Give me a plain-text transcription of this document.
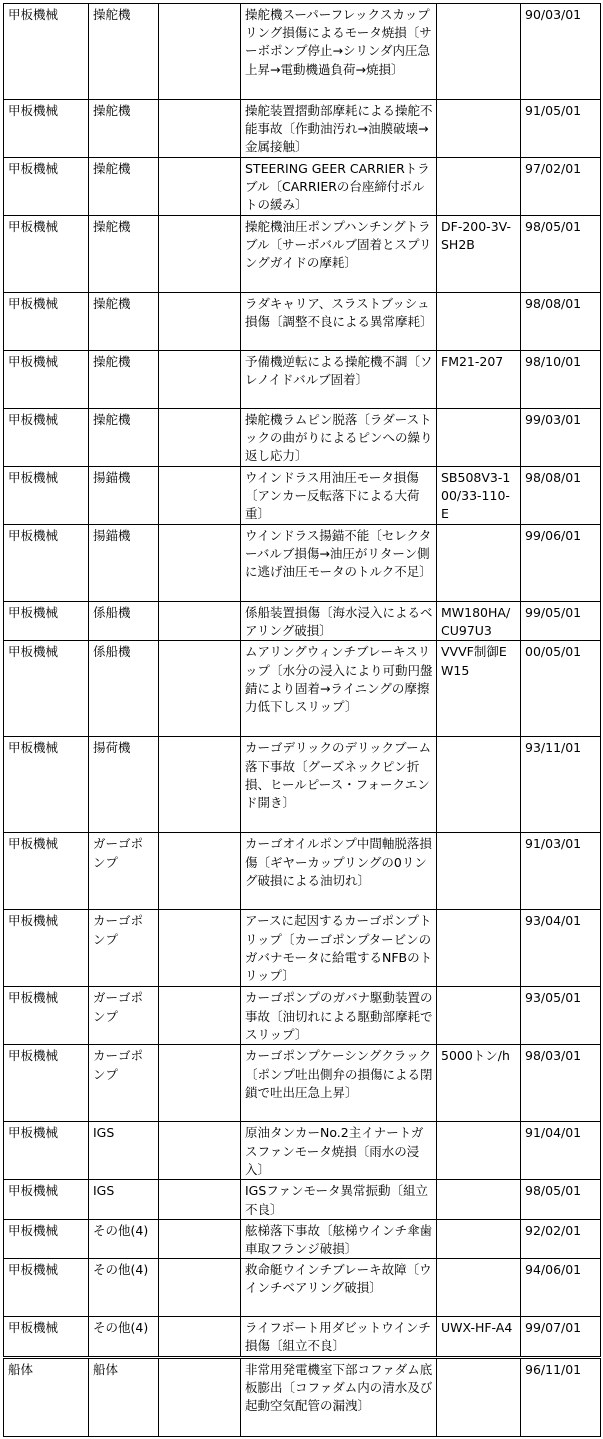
甲板機械	操舵機		操舵機スーパーフレックスカップリング損傷によるモータ焼損〔サーボポンプ停止→シリンダ内圧急上昇→電動機過負荷→焼損〕		90/03/01
甲板機械	操舵機		操舵装置摺動部摩耗による操舵不能事故〔作動油汚れ→油膜破壊→金属接触〕		91/05/01
甲板機械	操舵機		STEERING GEER CARRIERトラブル〔CARRIERの台座締付ボルトの緩み〕		97/02/01
甲板機械	操舵機		操舵機油圧ポンプハンチングトラブル〔サーボバルブ固着とスプリングガイドの摩耗〕	DF-200-3V-SH2B	98/05/01
甲板機械	操舵機		ラダキャリア、スラストブッシュ損傷〔調整不良による異常摩耗〕		98/08/01
甲板機械	操舵機		予備機逆転による操舵機不調〔ソレノイドバルブ固着〕	FM21-207	98/10/01
甲板機械	操舵機		操舵機ラムピン脱落〔ラダーストックの曲がりによるピンへの繰り返し応力〕		99/03/01
甲板機械	揚錨機		ウインドラス用油圧モータ損傷〔アンカー反転落下による大荷重〕	SB508V3-100/33-110-E	98/08/01
甲板機械	揚錨機		ウインドラス揚錨不能〔セレクターバルブ損傷→油圧がリターン側に逃げ油圧モータのトルク不足〕		99/06/01
甲板機械	係船機		係船装置損傷〔海水浸入によるベアリング破損〕	MW180HA/CU97U3	99/05/01
甲板機械	係船機		ムアリングウィンチブレーキスリップ〔水分の浸入により可動円盤錆により固着→ライニングの摩擦力低下しスリップ〕	VVVF制御EW15	00/05/01
甲板機械	揚荷機		カーゴデリックのデリックブーム落下事故〔グーズネックピン折損、ヒールピース・フォークエンド開き〕		93/11/01
甲板機械	ガーゴポンプ		カーゴオイルポンプ中間軸脱落損傷〔ギヤーカップリングの0リング破損による油切れ〕		91/03/01
甲板機械	カーゴポンプ		アースに起因するカーゴポンプトリップ〔カーゴポンプタービンのガバナモータに給電するNFBのトリップ〕		93/04/01
甲板機械	ガーゴポンプ		カーゴポンプのガバナ駆動装置の事故〔油切れによる駆動部摩耗でスリップ〕		93/05/01
甲板機械	カーゴポンプ		カーゴポンプケーシングクラック〔ポンプ吐出側弁の損傷による閉鎖で吐出圧急上昇〕	5000トン/h	98/03/01
甲板機械	IGS		原油タンカーNo.2主イナートガスファンモータ焼損〔雨水の浸入〕		91/04/01
甲板機械	IGS		IGSファンモータ異常振動〔組立不良〕		98/05/01
甲板機械	その他(4)		舷梯落下事故〔舷梯ウインチ傘歯車取フランジ破損〕		92/02/01
甲板機械	その他(4)		救命艇ウインチブレーキ故障〔ウインチベアリング破損〕		94/06/01
甲板機械	その他(4)		ライフボート用ダビットウインチ損傷〔組立不良〕	UWX-HF-A4	99/07/01
船体	船体		非常用発電機室下部コファダム底板膨出〔コファダム内の清水及び起動空気配管の漏洩〕		96/11/01
